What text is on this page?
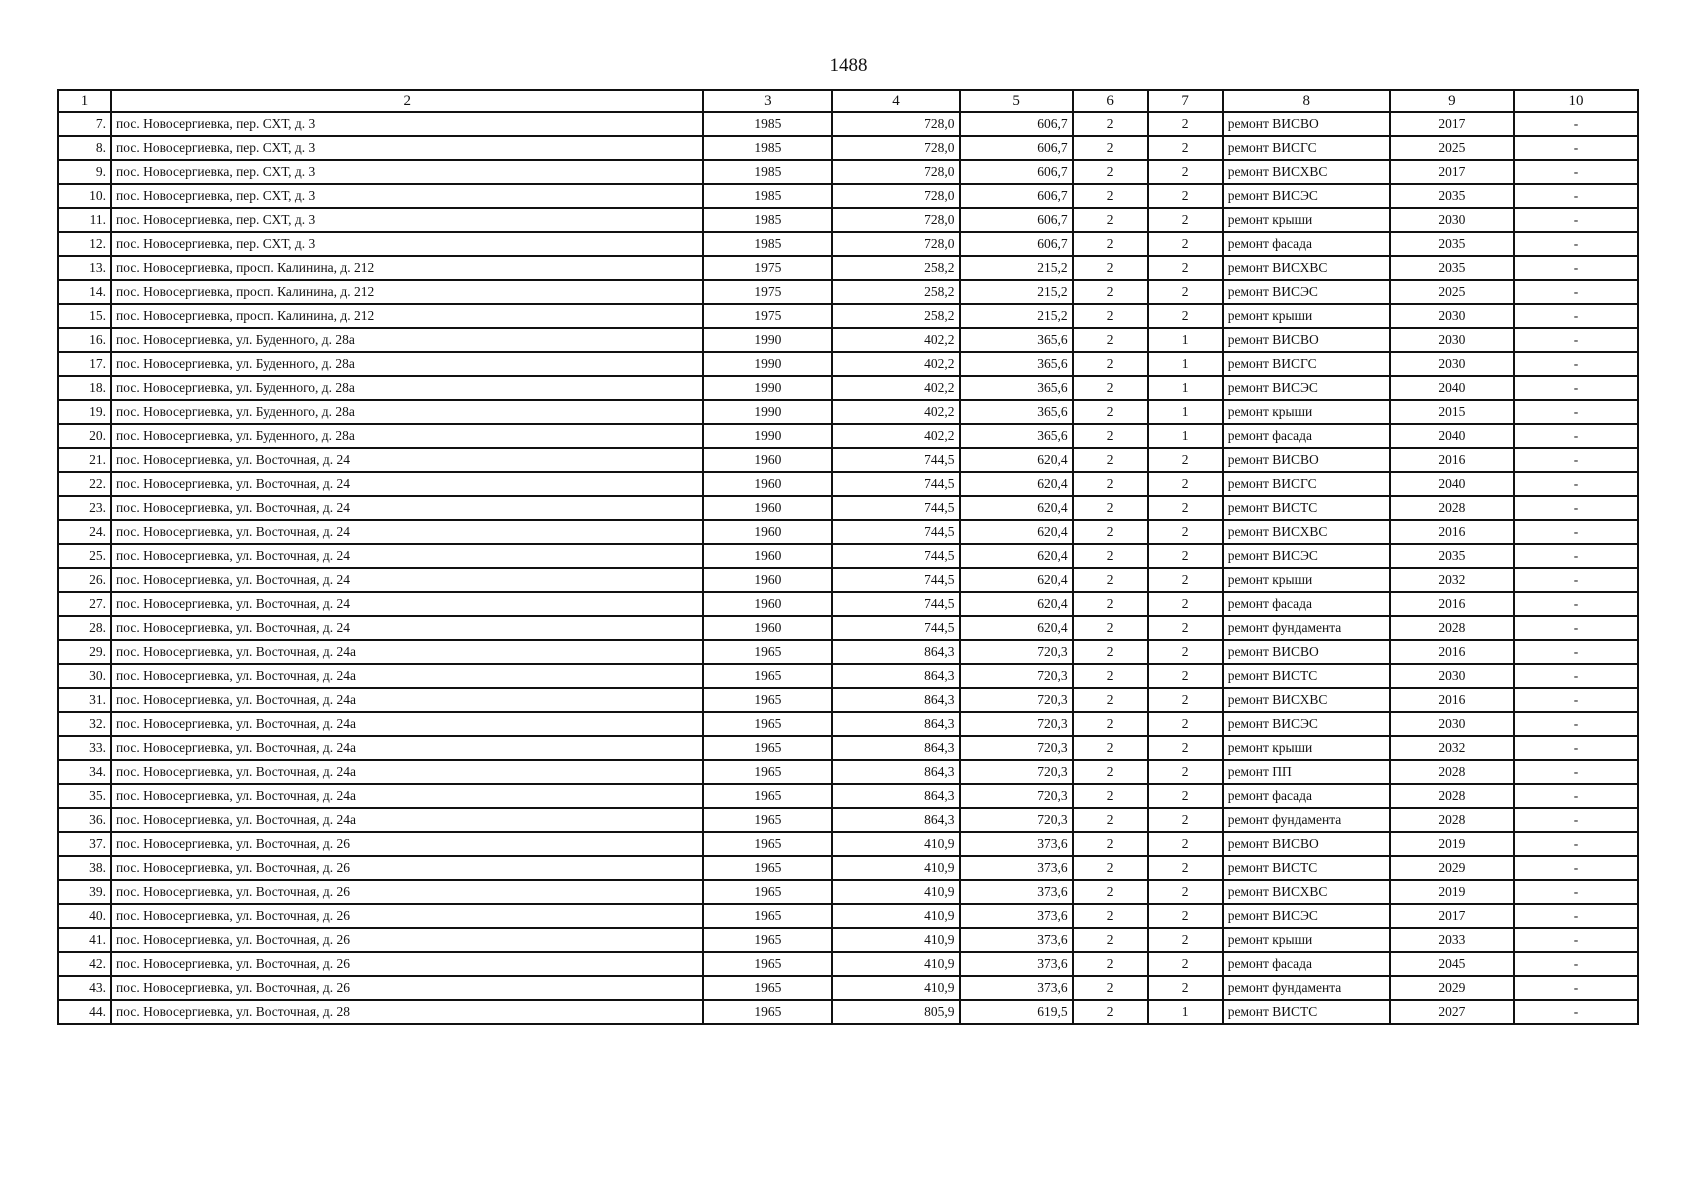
1488
1	2	3	4	5	6	7	8	9	10
7.	пос. Новосергиевка, пер. СХТ, д. 3	1985	728,0	606,7	2	2	ремонт ВИСВО	2017	-
8.	пос. Новосергиевка, пер. СХТ, д. 3	1985	728,0	606,7	2	2	ремонт ВИСГС	2025	-
9.	пос. Новосергиевка, пер. СХТ, д. 3	1985	728,0	606,7	2	2	ремонт ВИСХВС	2017	-
10.	пос. Новосергиевка, пер. СХТ, д. 3	1985	728,0	606,7	2	2	ремонт ВИСЭС	2035	-
11.	пос. Новосергиевка, пер. СХТ, д. 3	1985	728,0	606,7	2	2	ремонт крыши	2030	-
12.	пос. Новосергиевка, пер. СХТ, д. 3	1985	728,0	606,7	2	2	ремонт фасада	2035	-
13.	пос. Новосергиевка, просп. Калинина, д. 212	1975	258,2	215,2	2	2	ремонт ВИСХВС	2035	-
14.	пос. Новосергиевка, просп. Калинина, д. 212	1975	258,2	215,2	2	2	ремонт ВИСЭС	2025	-
15.	пос. Новосергиевка, просп. Калинина, д. 212	1975	258,2	215,2	2	2	ремонт крыши	2030	-
16.	пос. Новосергиевка, ул. Буденного, д. 28а	1990	402,2	365,6	2	1	ремонт ВИСВО	2030	-
17.	пос. Новосергиевка, ул. Буденного, д. 28а	1990	402,2	365,6	2	1	ремонт ВИСГС	2030	-
18.	пос. Новосергиевка, ул. Буденного, д. 28а	1990	402,2	365,6	2	1	ремонт ВИСЭС	2040	-
19.	пос. Новосергиевка, ул. Буденного, д. 28а	1990	402,2	365,6	2	1	ремонт крыши	2015	-
20.	пос. Новосергиевка, ул. Буденного, д. 28а	1990	402,2	365,6	2	1	ремонт фасада	2040	-
21.	пос. Новосергиевка, ул. Восточная, д. 24	1960	744,5	620,4	2	2	ремонт ВИСВО	2016	-
22.	пос. Новосергиевка, ул. Восточная, д. 24	1960	744,5	620,4	2	2	ремонт ВИСГС	2040	-
23.	пос. Новосергиевка, ул. Восточная, д. 24	1960	744,5	620,4	2	2	ремонт ВИСТС	2028	-
24.	пос. Новосергиевка, ул. Восточная, д. 24	1960	744,5	620,4	2	2	ремонт ВИСХВС	2016	-
25.	пос. Новосергиевка, ул. Восточная, д. 24	1960	744,5	620,4	2	2	ремонт ВИСЭС	2035	-
26.	пос. Новосергиевка, ул. Восточная, д. 24	1960	744,5	620,4	2	2	ремонт крыши	2032	-
27.	пос. Новосергиевка, ул. Восточная, д. 24	1960	744,5	620,4	2	2	ремонт фасада	2016	-
28.	пос. Новосергиевка, ул. Восточная, д. 24	1960	744,5	620,4	2	2	ремонт фундамента	2028	-
29.	пос. Новосергиевка, ул. Восточная, д. 24а	1965	864,3	720,3	2	2	ремонт ВИСВО	2016	-
30.	пос. Новосергиевка, ул. Восточная, д. 24а	1965	864,3	720,3	2	2	ремонт ВИСТС	2030	-
31.	пос. Новосергиевка, ул. Восточная, д. 24а	1965	864,3	720,3	2	2	ремонт ВИСХВС	2016	-
32.	пос. Новосергиевка, ул. Восточная, д. 24а	1965	864,3	720,3	2	2	ремонт ВИСЭС	2030	-
33.	пос. Новосергиевка, ул. Восточная, д. 24а	1965	864,3	720,3	2	2	ремонт крыши	2032	-
34.	пос. Новосергиевка, ул. Восточная, д. 24а	1965	864,3	720,3	2	2	ремонт ПП	2028	-
35.	пос. Новосергиевка, ул. Восточная, д. 24а	1965	864,3	720,3	2	2	ремонт фасада	2028	-
36.	пос. Новосергиевка, ул. Восточная, д. 24а	1965	864,3	720,3	2	2	ремонт фундамента	2028	-
37.	пос. Новосергиевка, ул. Восточная, д. 26	1965	410,9	373,6	2	2	ремонт ВИСВО	2019	-
38.	пос. Новосергиевка, ул. Восточная, д. 26	1965	410,9	373,6	2	2	ремонт ВИСТС	2029	-
39.	пос. Новосергиевка, ул. Восточная, д. 26	1965	410,9	373,6	2	2	ремонт ВИСХВС	2019	-
40.	пос. Новосергиевка, ул. Восточная, д. 26	1965	410,9	373,6	2	2	ремонт ВИСЭС	2017	-
41.	пос. Новосергиевка, ул. Восточная, д. 26	1965	410,9	373,6	2	2	ремонт крыши	2033	-
42.	пос. Новосергиевка, ул. Восточная, д. 26	1965	410,9	373,6	2	2	ремонт фасада	2045	-
43.	пос. Новосергиевка, ул. Восточная, д. 26	1965	410,9	373,6	2	2	ремонт фундамента	2029	-
44.	пос. Новосергиевка, ул. Восточная, д. 28	1965	805,9	619,5	2	1	ремонт ВИСТС	2027	-
